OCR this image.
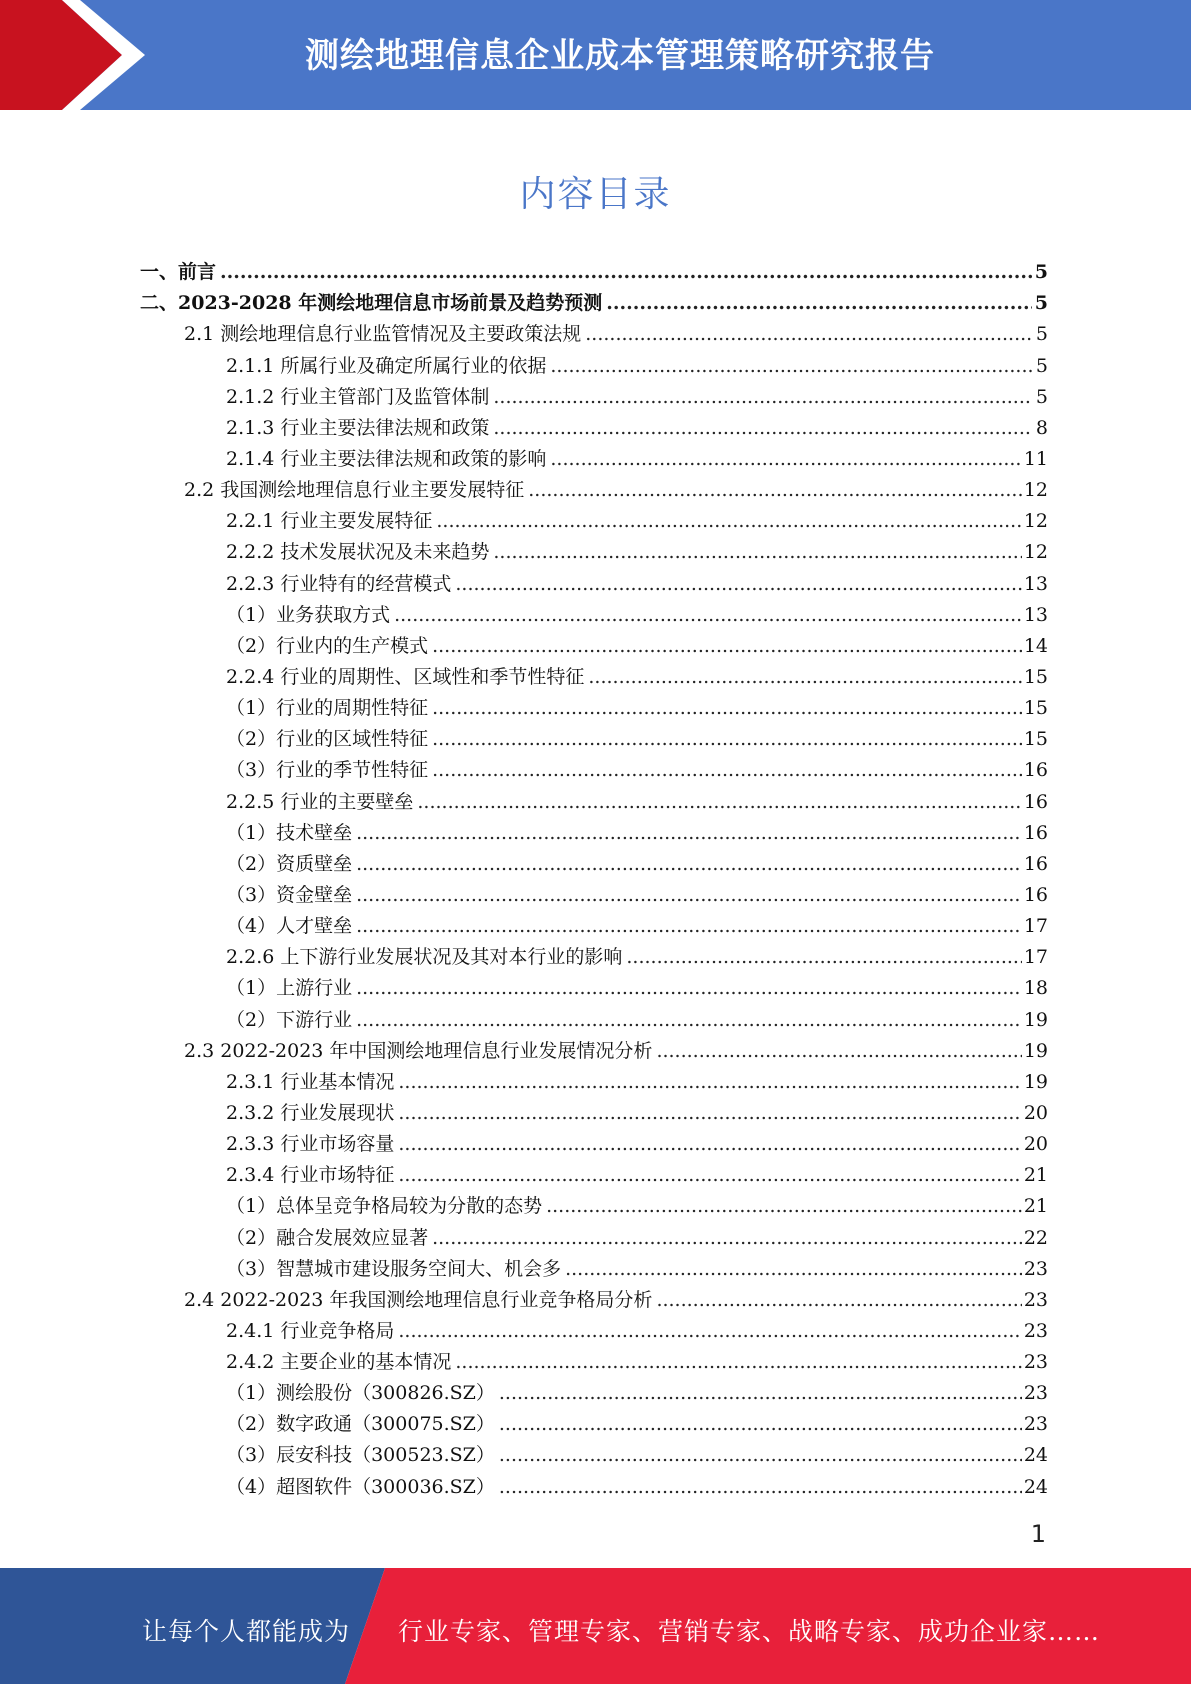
测绘地理信息企业成本管理策略研究报告
内容目录
一、前言 .....	5
二、2023-2028 年测绘地理信息市场前景及趋势预测 .....	5
2.1 测绘地理信息行业监管情况及主要政策法规 .....	5
2.1.1 所属行业及确定所属行业的依据 .....	5
2.1.2 行业主管部门及监管体制 .....	5
2.1.3 行业主要法律法规和政策 .....	8
2.1.4 行业主要法律法规和政策的影响 .....	11
2.2 我国测绘地理信息行业主要发展特征 .....	12
2.2.1 行业主要发展特征 .....	12
2.2.2 技术发展状况及未来趋势 .....	12
2.2.3 行业特有的经营模式 .....	13
（1）业务获取方式 .....	13
（2）行业内的生产模式 .....	14
2.2.4 行业的周期性、区域性和季节性特征 .....	15
（1）行业的周期性特征 .....	15
（2）行业的区域性特征 .....	15
（3）行业的季节性特征 .....	16
2.2.5 行业的主要壁垒 .....	16
（1）技术壁垒 .....	16
（2）资质壁垒 .....	16
（3）资金壁垒 .....	16
（4）人才壁垒 .....	17
2.2.6 上下游行业发展状况及其对本行业的影响 .....	17
（1）上游行业 .....	18
（2）下游行业 .....	19
2.3 2022-2023 年中国测绘地理信息行业发展情况分析 .....	19
2.3.1 行业基本情况 .....	19
2.3.2 行业发展现状 .....	20
2.3.3 行业市场容量 .....	20
2.3.4 行业市场特征 .....	21
（1）总体呈竞争格局较为分散的态势 .....	21
（2）融合发展效应显著 .....	22
（3）智慧城市建设服务空间大、机会多 .....	23
2.4 2022-2023 年我国测绘地理信息行业竞争格局分析 .....	23
2.4.1 行业竞争格局 .....	23
2.4.2 主要企业的基本情况 .....	23
（1）测绘股份（300826.SZ） .....	23
（2）数字政通（300075.SZ） .....	23
（3）辰安科技（300523.SZ） .....	24
（4）超图软件（300036.SZ） .....	24
1
让每个人都能成为 行业专家、管理专家、营销专家、战略专家、成功企业家……
